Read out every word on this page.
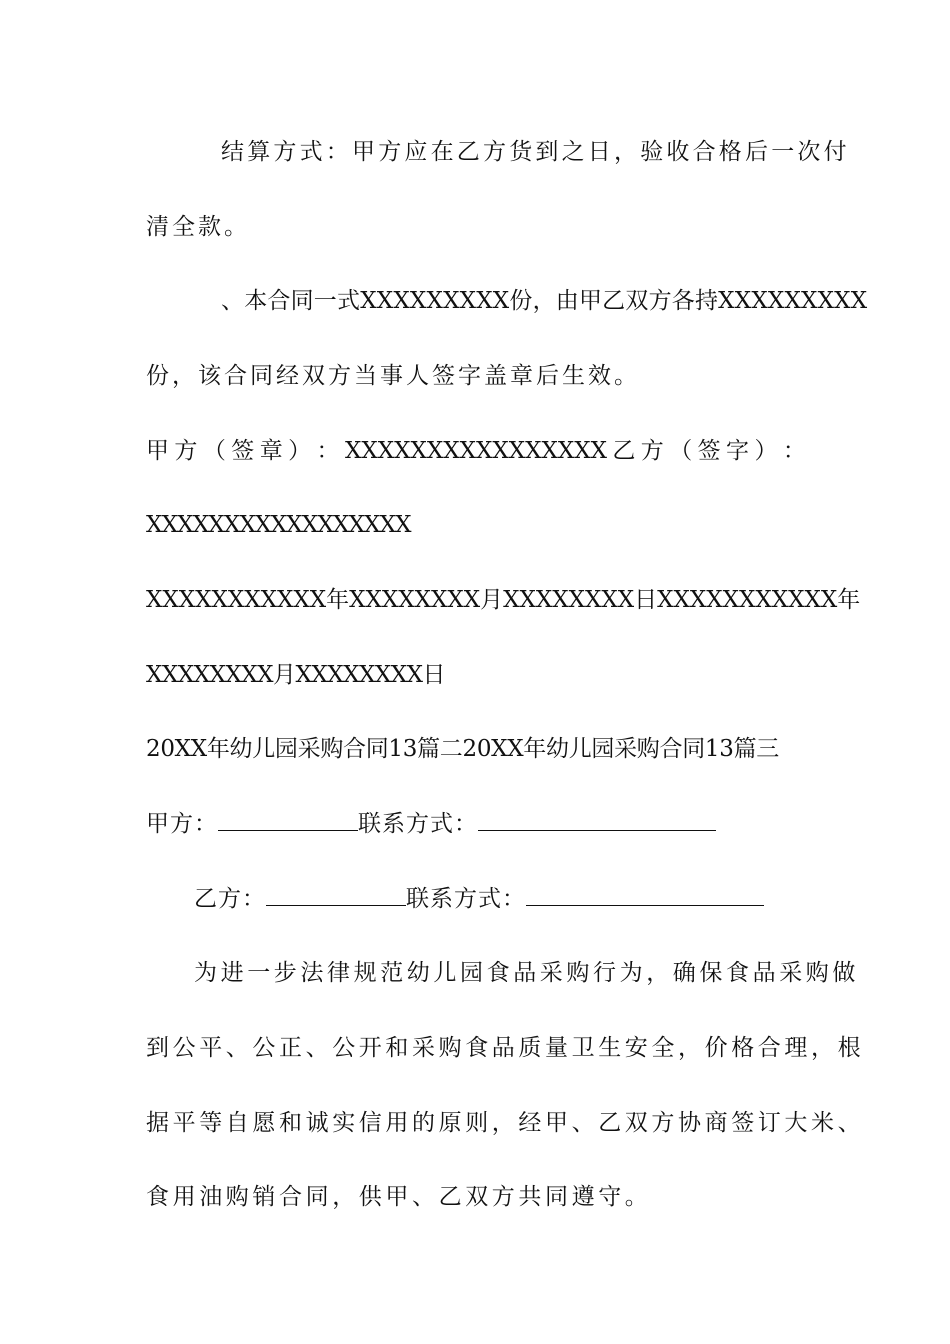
结算方式：甲方应在乙方货到之日，验收合格后一次付
清全款。
、本合同一式XXXXXXXXX份，由甲乙双方各持XXXXXXXXX
份，该合同经双方当事人签字盖章后生效。
甲 方 （ 签 章 ） ： XXXXXXXXXXXXXXXX 乙 方 （ 签 字 ） ：
XXXXXXXXXXXXXXXXX
XXXXXXXXXXX 年 XXXXXXXX 月 XXXXXXXX 日 XXXXXXXXXXX 年
XXXXXXXX月XXXXXXXX日
20XX年幼儿园采购合同13篇二20XX年幼儿园采购合同13篇三
甲方：	联系方式：
乙方：	联系方式：
为进一步法律规范幼儿园食品采购行为，确保食品采购做
到公平、公正、公开和采购食品质量卫生安全，价格合理，根
据平等自愿和诚实信用的原则，经甲、乙双方协商签订大米、
食用油购销合同，供甲、乙双方共同遵守。
